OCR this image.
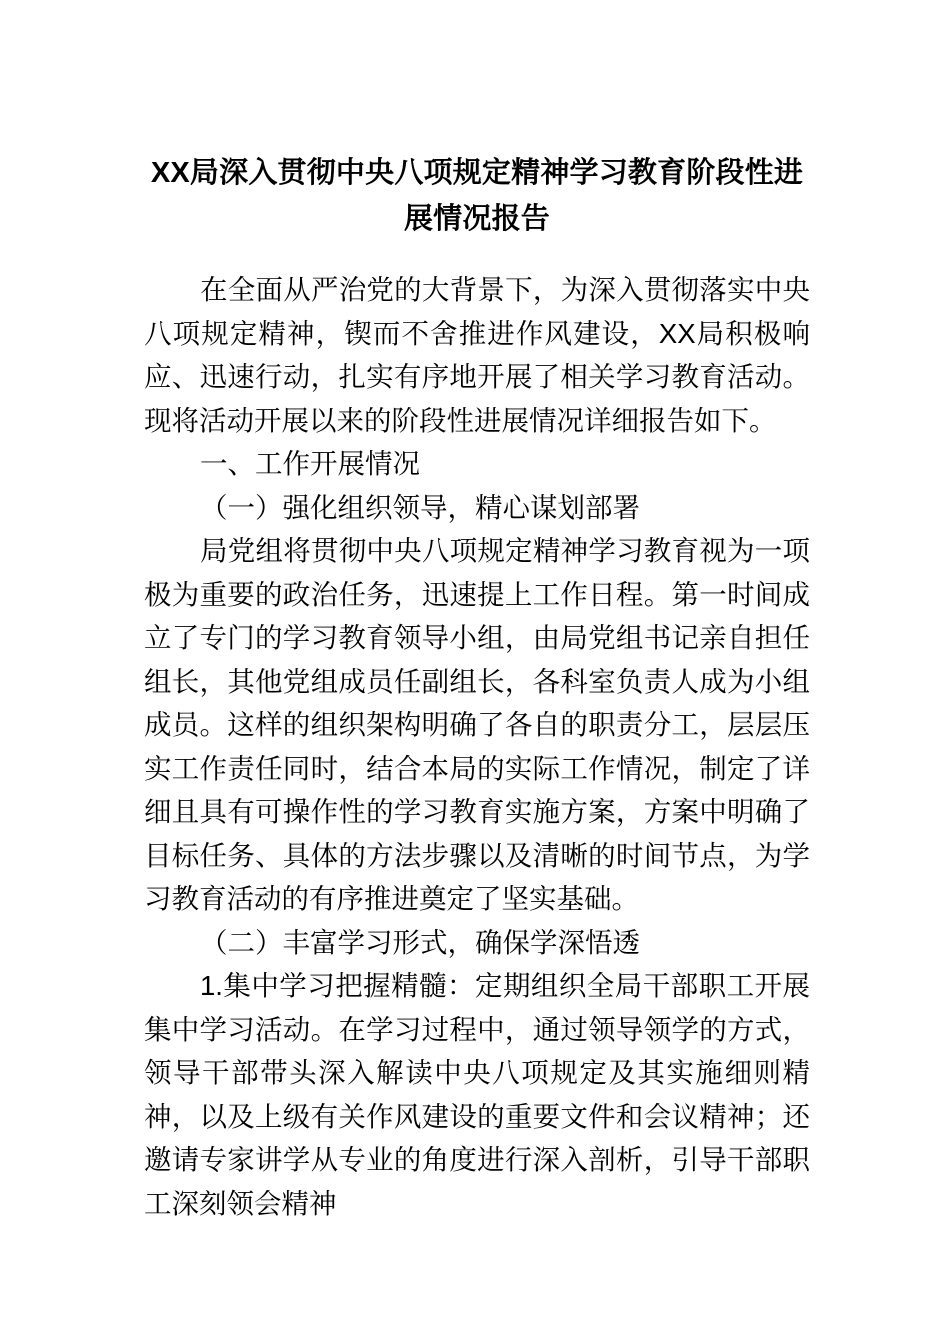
XX局深入贯彻中央八项规定精神学习教育阶段性进展情况报告

在全面从严治党的大背景下，为深入贯彻落实中央八项规定精神，锲而不舍推进作风建设，XX局积极响应、迅速行动，扎实有序地开展了相关学习教育活动。现将活动开展以来的阶段性进展情况详细报告如下。

一、工作开展情况

（一）强化组织领导，精心谋划部署

局党组将贯彻中央八项规定精神学习教育视为一项极为重要的政治任务，迅速提上工作日程。第一时间成立了专门的学习教育领导小组，由局党组书记亲自担任组长，其他党组成员任副组长，各科室负责人成为小组成员。这样的组织架构明确了各自的职责分工，层层压实工作责任同时，结合本局的实际工作情况，制定了详细且具有可操作性的学习教育实施方案，方案中明确了目标任务、具体的方法步骤以及清晰的时间节点，为学习教育活动的有序推进奠定了坚实基础。

（二）丰富学习形式，确保学深悟透

1.集中学习把握精髓：定期组织全局干部职工开展集中学习活动。在学习过程中，通过领导领学的方式，领导干部带头深入解读中央八项规定及其实施细则精神，以及上级有关作风建设的重要文件和会议精神；还邀请专家讲学从专业的角度进行深入剖析，引导干部职工深刻领会精神
